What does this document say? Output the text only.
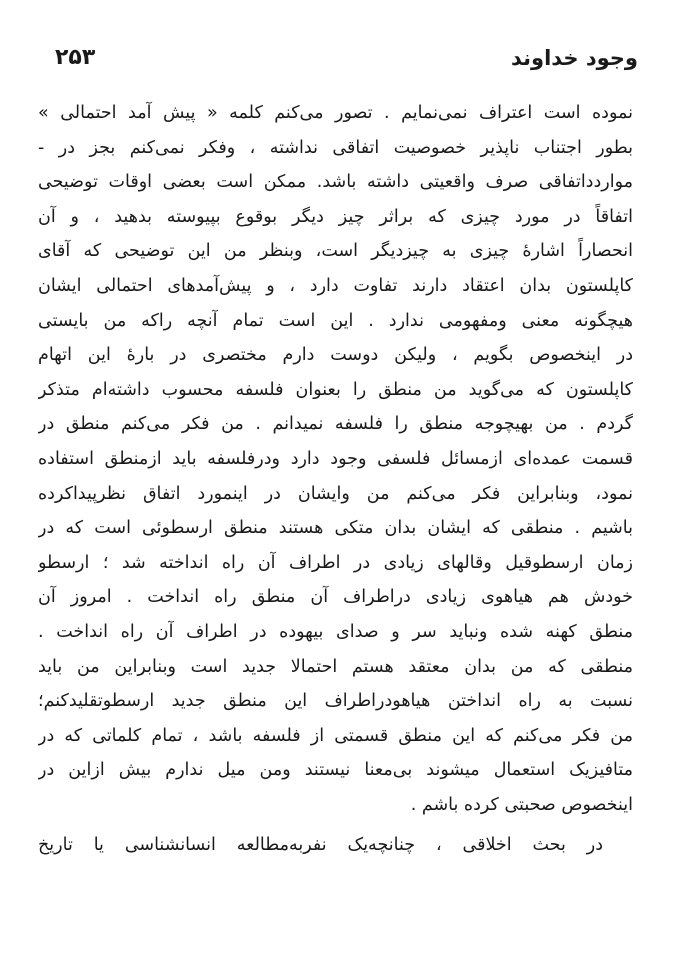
وجود خداوند
۲۵۳
نموده است اعتراف نمی‌نمایم . تصور می‌کنم کلمه « پیش آمد احتمالی »
بطور اجتناب ناپذیر خصوصیت اتفاقی نداشته ، وفکر نمی‌کنم بجز در -
مواردداتفاقی صرف واقعیتی داشته باشد. ممکن است بعضی اوقات توضیحی
اتفاقاً در مورد چیزی که براثر چیز دیگر بوقوع بپیوسته بدهید ، و آن
انحصاراً اشارهٔ چیزی به چیزدیگر است، وبنظر من این توضیحی که آقای
کاپلستون بدان اعتقاد دارند تفاوت دارد ، و پیش‌آمدهای احتمالی ایشان
هیچگونه معنی ومفهومی ندارد . این است تمام آنچه راکه من بایستی
در اینخصوص بگویم ، ولیکن دوست دارم مختصری در بارهٔ این اتهام
کاپلستون که می‌گوید من منطق را بعنوان فلسفه محسوب داشته‌ام متذکر
گردم . من بهیچوجه منطق را فلسفه نمیدانم . من فکر می‌کنم منطق در
قسمت عمده‌ای ازمسائل فلسفی وجود دارد ودرفلسفه باید ازمنطق استفاده
نمود، وبنابراین فکر می‌کنم من وایشان در اینمورد اتفاق نظرپیداکرده
باشیم . منطقی که ایشان بدان متکی هستند منطق ارسطوئی است که در
زمان ارسطوقیل وقالهای زیادی در اطراف آن راه انداخته شد ؛ ارسطو
خودش هم هیاهوی زیادی دراطراف آن منطق راه انداخت . امروز آن
منطق کهنه شده ونباید سر و صدای بیهوده در اطراف آن راه انداخت .
منطقی که من بدان معتقد هستم احتمالا جدید است وبنابراین من باید
نسبت به راه انداختن هیاهودراطراف این منطق جدید ارسطوتقلیدکنم؛
من فکر می‌کنم که این منطق قسمتی از فلسفه باشد ، تمام کلماتی که در
متافیزیک استعمال میشوند بی‌معنا نیستند ومن میل ندارم بیش ازاین در
اینخصوص صحبتی کرده باشم .
در بحث اخلاقی ، چنانچه‌یک نفربه‌مطالعه انسانشناسی یا تاریخ
